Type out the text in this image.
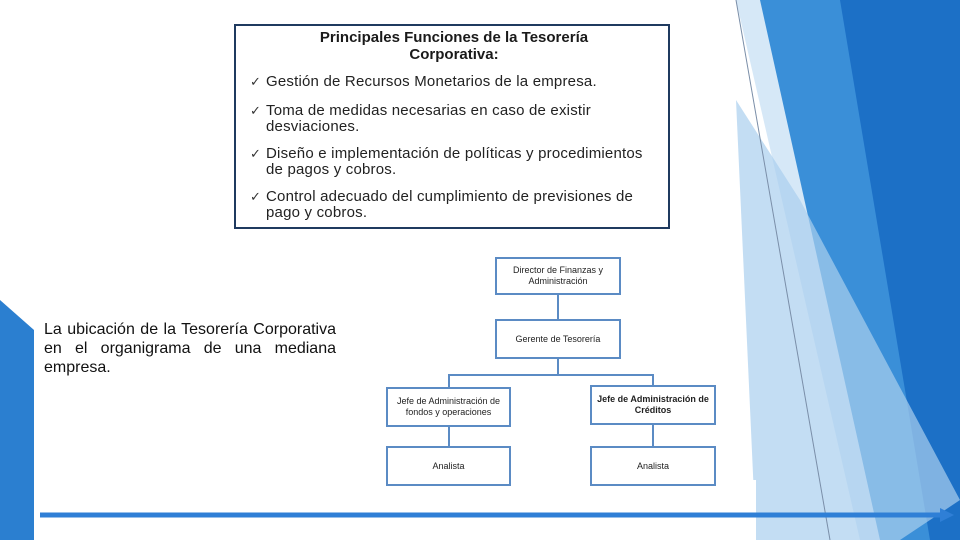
Principales Funciones de la Tesorería Corporativa:
✓ Gestión de Recursos Monetarios de la empresa.
✓ Toma de medidas necesarias en caso de existir desviaciones.
✓ Diseño e implementación de políticas y procedimientos de pagos y cobros.
✓ Control adecuado del cumplimiento de previsiones de pago y cobros.
La ubicación de la Tesorería Corporativa en el organigrama de una mediana empresa.
Director de Finanzas y Administración
Gerente de Tesorería
Jefe de Administración de fondos y operaciones
Jefe de Administración de Créditos
Analista	Analista
